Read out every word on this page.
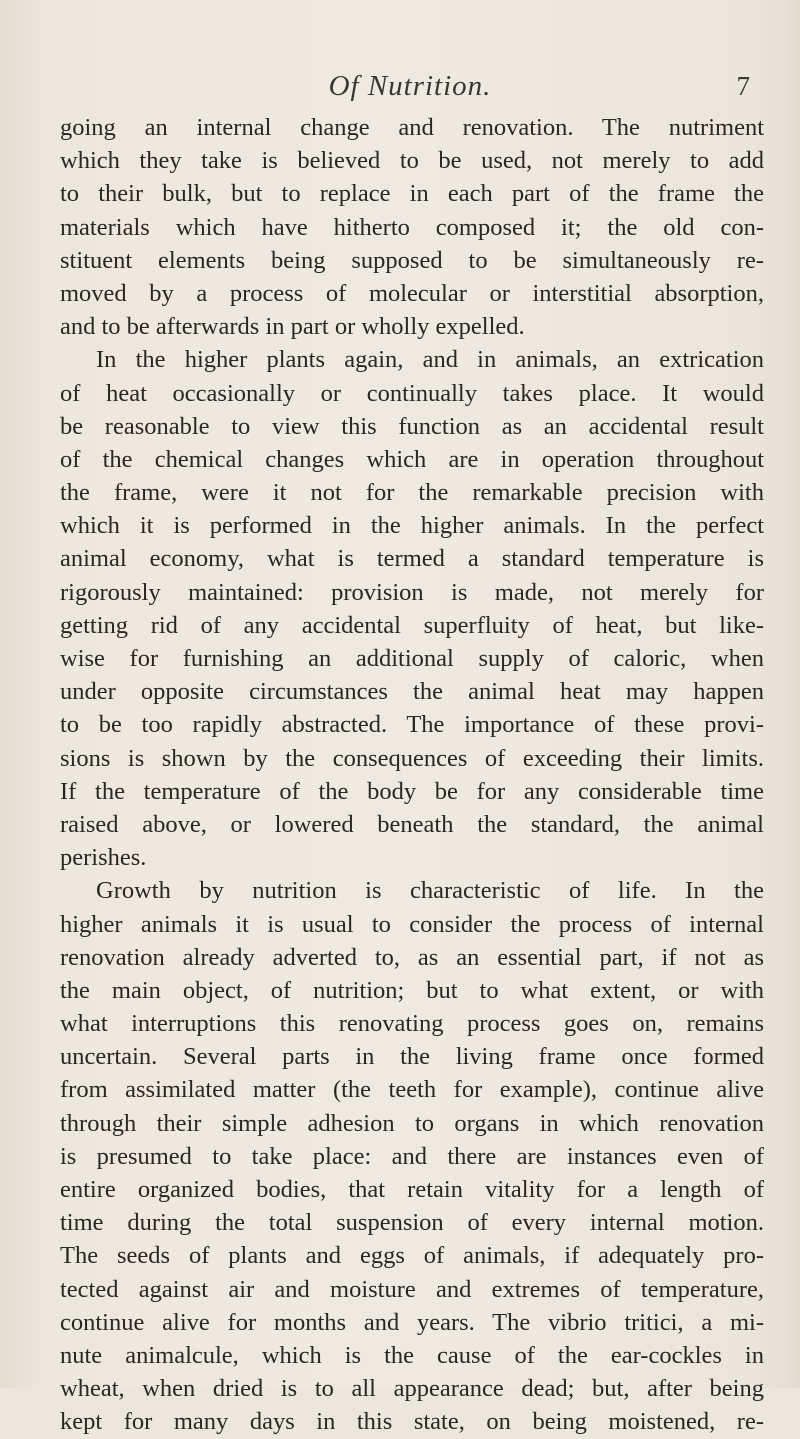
Of Nutrition.	7
going an internal change and renovation. The nutriment
which they take is believed to be used, not merely to add
to their bulk, but to replace in each part of the frame the
materials which have hitherto composed it; the old con-
stituent elements being supposed to be simultaneously re-
moved by a process of molecular or interstitial absorption,
and to be afterwards in part or wholly expelled.
In the higher plants again, and in animals, an extrication
of heat occasionally or continually takes place. It would
be reasonable to view this function as an accidental result
of the chemical changes which are in operation throughout
the frame, were it not for the remarkable precision with
which it is performed in the higher animals. In the perfect
animal economy, what is termed a standard temperature is
rigorously maintained: provision is made, not merely for
getting rid of any accidental superfluity of heat, but like-
wise for furnishing an additional supply of caloric, when
under opposite circumstances the animal heat may happen
to be too rapidly abstracted. The importance of these provi-
sions is shown by the consequences of exceeding their limits.
If the temperature of the body be for any considerable time
raised above, or lowered beneath the standard, the animal
perishes.
Growth by nutrition is characteristic of life. In the
higher animals it is usual to consider the process of internal
renovation already adverted to, as an essential part, if not as
the main object, of nutrition; but to what extent, or with
what interruptions this renovating process goes on, remains
uncertain. Several parts in the living frame once formed
from assimilated matter (the teeth for example), continue alive
through their simple adhesion to organs in which renovation
is presumed to take place: and there are instances even of
entire organized bodies, that retain vitality for a length of
time during the total suspension of every internal motion.
The seeds of plants and eggs of animals, if adequately pro-
tected against air and moisture and extremes of temperature,
continue alive for months and years. The vibrio tritici, a mi-
nute animalcule, which is the cause of the ear-cockles in
wheat, when dried is to all appearance dead; but, after being
kept for many days in this state, on being moistened, re-
